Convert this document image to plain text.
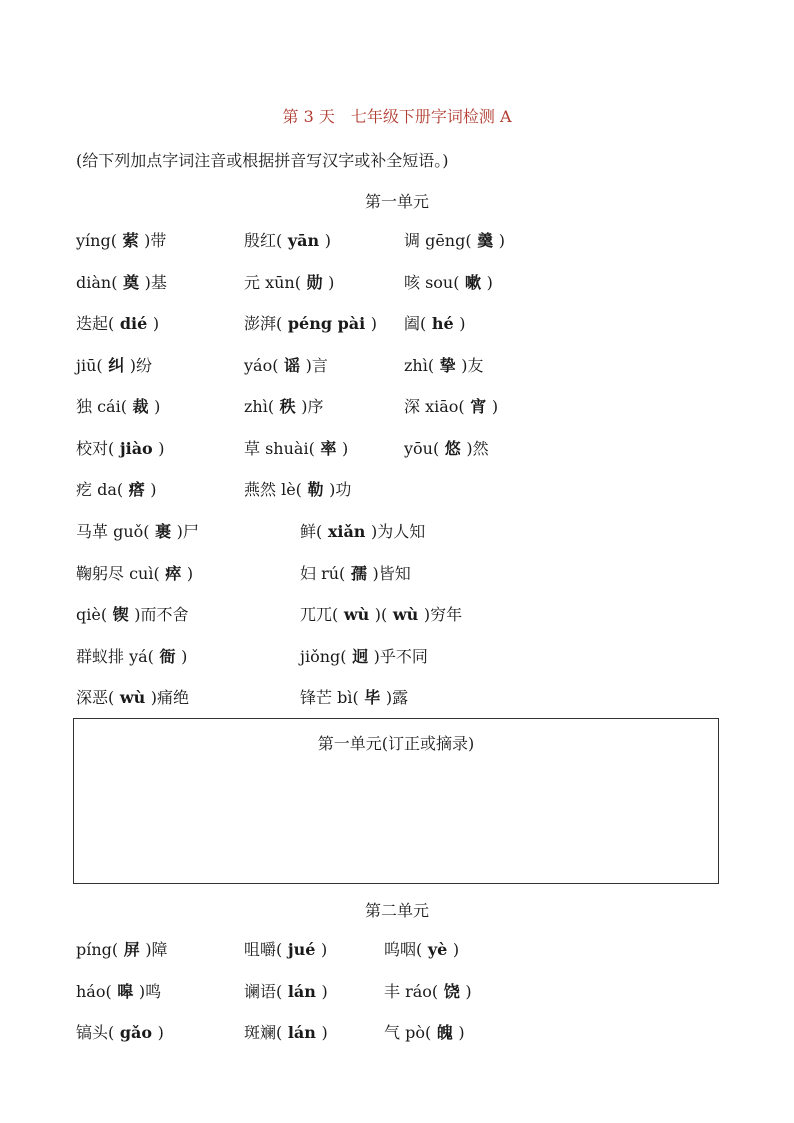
第 3 天　七年级下册字词检测 A
(给下列加点字词注音或根据拼音写汉字或补全短语。)
第一单元
yíng( 萦 )带	殷红( yān )	调 gēng( 羹 )
diàn( 奠 )基	元 xūn( 勋 )	咳 sou( 嗽 )
迭起( dié )	澎湃( péng pài ) 阖( hé )
jiū( 纠 )纷	yáo( 谣 )言	zhì( 挚 )友
独 cái( 裁 )	zhì( 秩 )序	深 xiāo( 宵 )
校对( jiào )	草 shuài( 率 )	yōu( 悠 )然
疙 da( 瘩 )	燕然 lè( 勒 )功
马革 guǒ( 裹 )尸	鲜( xiǎn )为人知
鞠躬尽 cuì( 瘁 )	妇 rú( 孺 )皆知
qiè( 锲 )而不舍	兀兀( wù )( wù )穷年
群蚁排 yá( 衙 )	jiǒng( 迥 )乎不同
深恶( wù )痛绝	锋芒 bì( 毕 )露
第一单元(订正或摘录)
第二单元
píng( 屏 )障	咀嚼( jué )	呜咽( yè )
háo( 嗥 )鸣	谰语( lán )	丰 ráo( 饶 )
镐头( gǎo )	斑斓( lán )	气 pò( 魄 )
